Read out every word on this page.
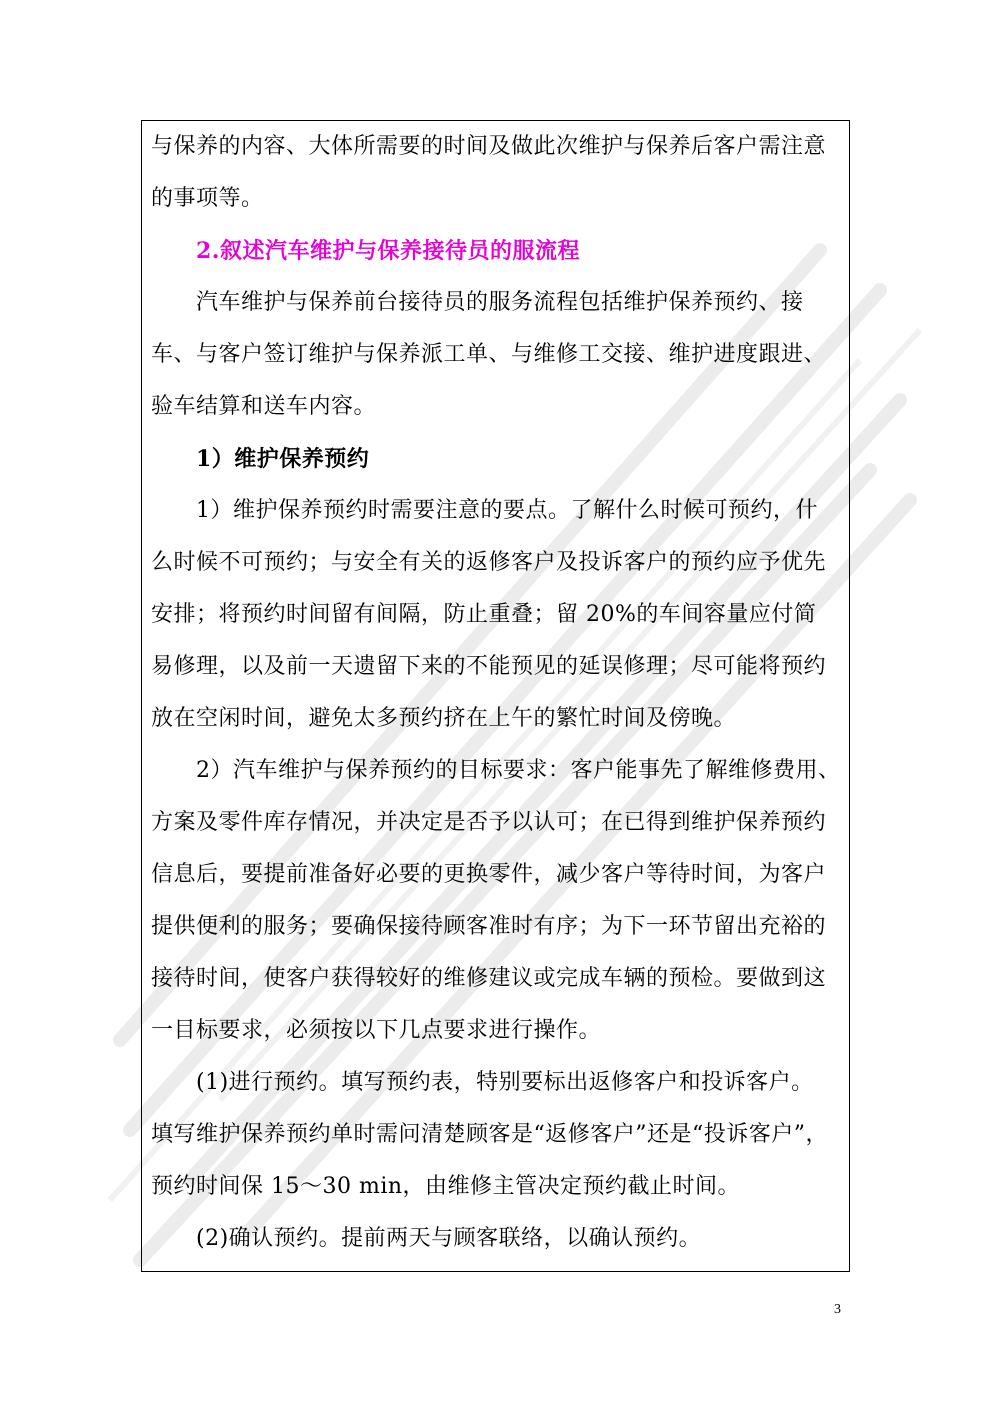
与保养的内容、大体所需要的时间及做此次维护与保养后客户需注意
的事项等。
2.叙述汽车维护与保养接待员的服流程
汽车维护与保养前台接待员的服务流程包括维护保养预约、接
车、与客户签订维护与保养派工单、与维修工交接、维护进度跟进、
验车结算和送车内容。
1）维护保养预约
1）维护保养预约时需要注意的要点。了解什么时候可预约，什
么时候不可预约；与安全有关的返修客户及投诉客户的预约应予优先
安排；将预约时间留有间隔，防止重叠；留 20%的车间容量应付简
易修理，以及前一天遗留下来的不能预见的延误修理；尽可能将预约
放在空闲时间，避免太多预约挤在上午的繁忙时间及傍晚。
2）汽车维护与保养预约的目标要求：客户能事先了解维修费用、
方案及零件库存情况，并决定是否予以认可；在已得到维护保养预约
信息后，要提前准备好必要的更换零件，减少客户等待时间，为客户
提供便利的服务；要确保接待顾客准时有序；为下一环节留出充裕的
接待时间，使客户获得较好的维修建议或完成车辆的预检。要做到这
一目标要求，必须按以下几点要求进行操作。
(1)进行预约。填写预约表，特别要标出返修客户和投诉客户。
填写维护保养预约单时需问清楚顾客是“返修客户”还是“投诉客户”，
预约时间保 15～30 min，由维修主管决定预约截止时间。
(2)确认预约。提前两天与顾客联络，以确认预约。
3
